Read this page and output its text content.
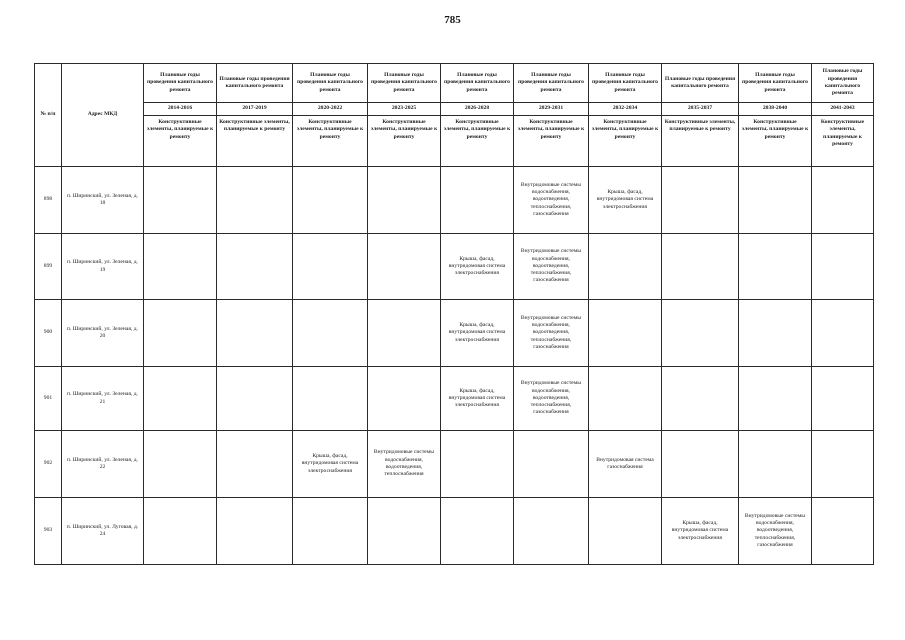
785
№ п/п	Адрес МКД	Плановые годы проведения капитального ремонта	Плановые годы проведения капитального ремонта	Плановые годы проведения капитального ремонта	Плановые годы проведения капитального ремонта	Плановые годы проведения капитального ремонта	Плановые годы проведения капитального ремонта	Плановые годы проведения капитального ремонта	Плановые годы проведения капитального ремонта	Плановые годы проведения капитального ремонта	Плановые годы проведения капитального ремонта
		2014-2016	2017-2019	2020-2022	2023-2025	2026-2028	2029-2031	2032-2034	2035-2037	2038-2040	2041-2043
		Конструктивные элементы, планируемые к ремонту	Конструктивные элементы, планируемые к ремонту	Конструктивные элементы, планируемые к ремонту	Конструктивные элементы, планируемые к ремонту	Конструктивные элементы, планируемые к ремонту	Конструктивные элементы, планируемые к ремонту	Конструктивные элементы, планируемые к ремонту	Конструктивные элементы, планируемые к ремонту	Конструктивные элементы, планируемые к ремонту	Конструктивные элементы, планируемые к ремонту
898	п. Ширинский, ул. Зеленая, д. 18						Внутридомовые системы водоснабжения, водоотведения, теплоснабжения, газоснабжения	Крыша, фасад, внутридомовая система электроснабжения			
899	п. Ширинский, ул. Зеленая, д. 19					Крыша, фасад, внутридомовая система электроснабжения	Внутридомовые системы водоснабжения, водоотведения, теплоснабжения, газоснабжения				
900	п. Ширинский, ул. Зеленая, д. 20					Крыша, фасад, внутридомовая система электроснабжения	Внутридомовые системы водоснабжения, водоотведения, теплоснабжения, газоснабжения				
901	п. Ширинский, ул. Зеленая, д. 21					Крыша, фасад, внутридомовая система электроснабжения	Внутридомовые системы водоснабжения, водоотведения, теплоснабжения, газоснабжения				
902	п. Ширинский, ул. Зеленая, д. 22			Крыша, фасад, внутридомовая система электроснабжения	Внутридомовые системы водоснабжения, водоотведения, теплоснабжения			Внутридомовая система газоснабжения			
903	п. Ширинский, ул. Луговая, д. 24								Крыша, фасад, внутридомовая система электроснабжения	Внутридомовые системы водоснабжения, водоотведения, теплоснабжения, газоснабжения	
